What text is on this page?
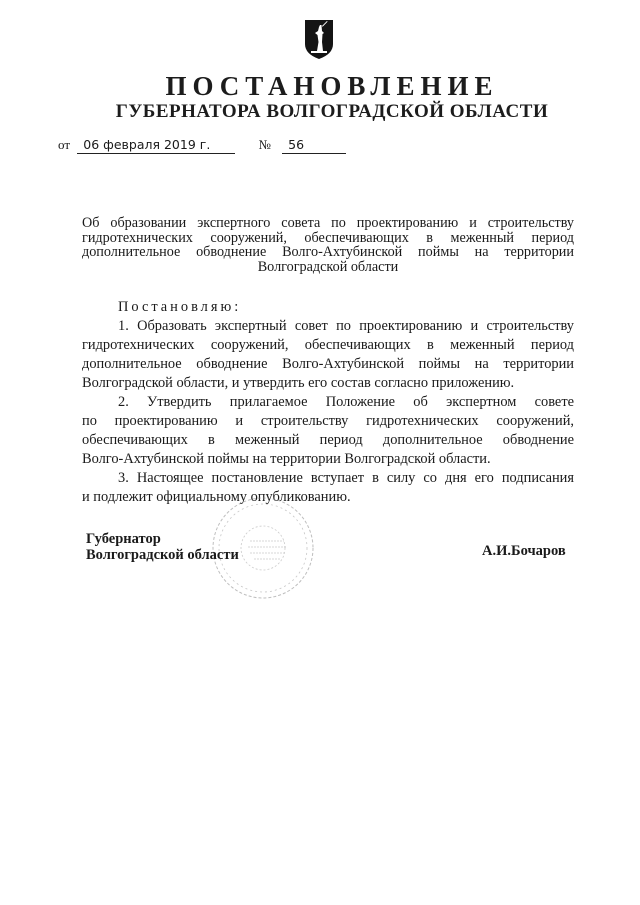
ПОСТАНОВЛЕНИЕ
ГУБЕРНАТОРА ВОЛГОГРАДСКОЙ ОБЛАСТИ
от 06 февраля 2019 г.	№ 56

Об образовании экспертного совета по проектированию и строительству

гидротехнических сооружений, обеспечивающих в меженный период

дополнительное обводнение Волго-Ахтубинской поймы на территории

Волгоградской области

Постановляю:

1. Образовать экспертный совет по проектированию и строительству

гидротехнических сооружений, обеспечивающих в меженный период

дополнительное обводнение Волго-Ахтубинской поймы на территории

Волгоградской области, и утвердить его состав согласно приложению.

2. Утвердить прилагаемое Положение об экспертном совете

по проектированию и строительству гидротехнических сооружений,

обеспечивающих в меженный период дополнительное обводнение

Волго-Ахтубинской поймы на территории Волгоградской области.

3. Настоящее постановление вступает в силу со дня его подписания

и подлежит официальному опубликованию.

Губернатор
Волгоградской области	А.И.Бочаров
